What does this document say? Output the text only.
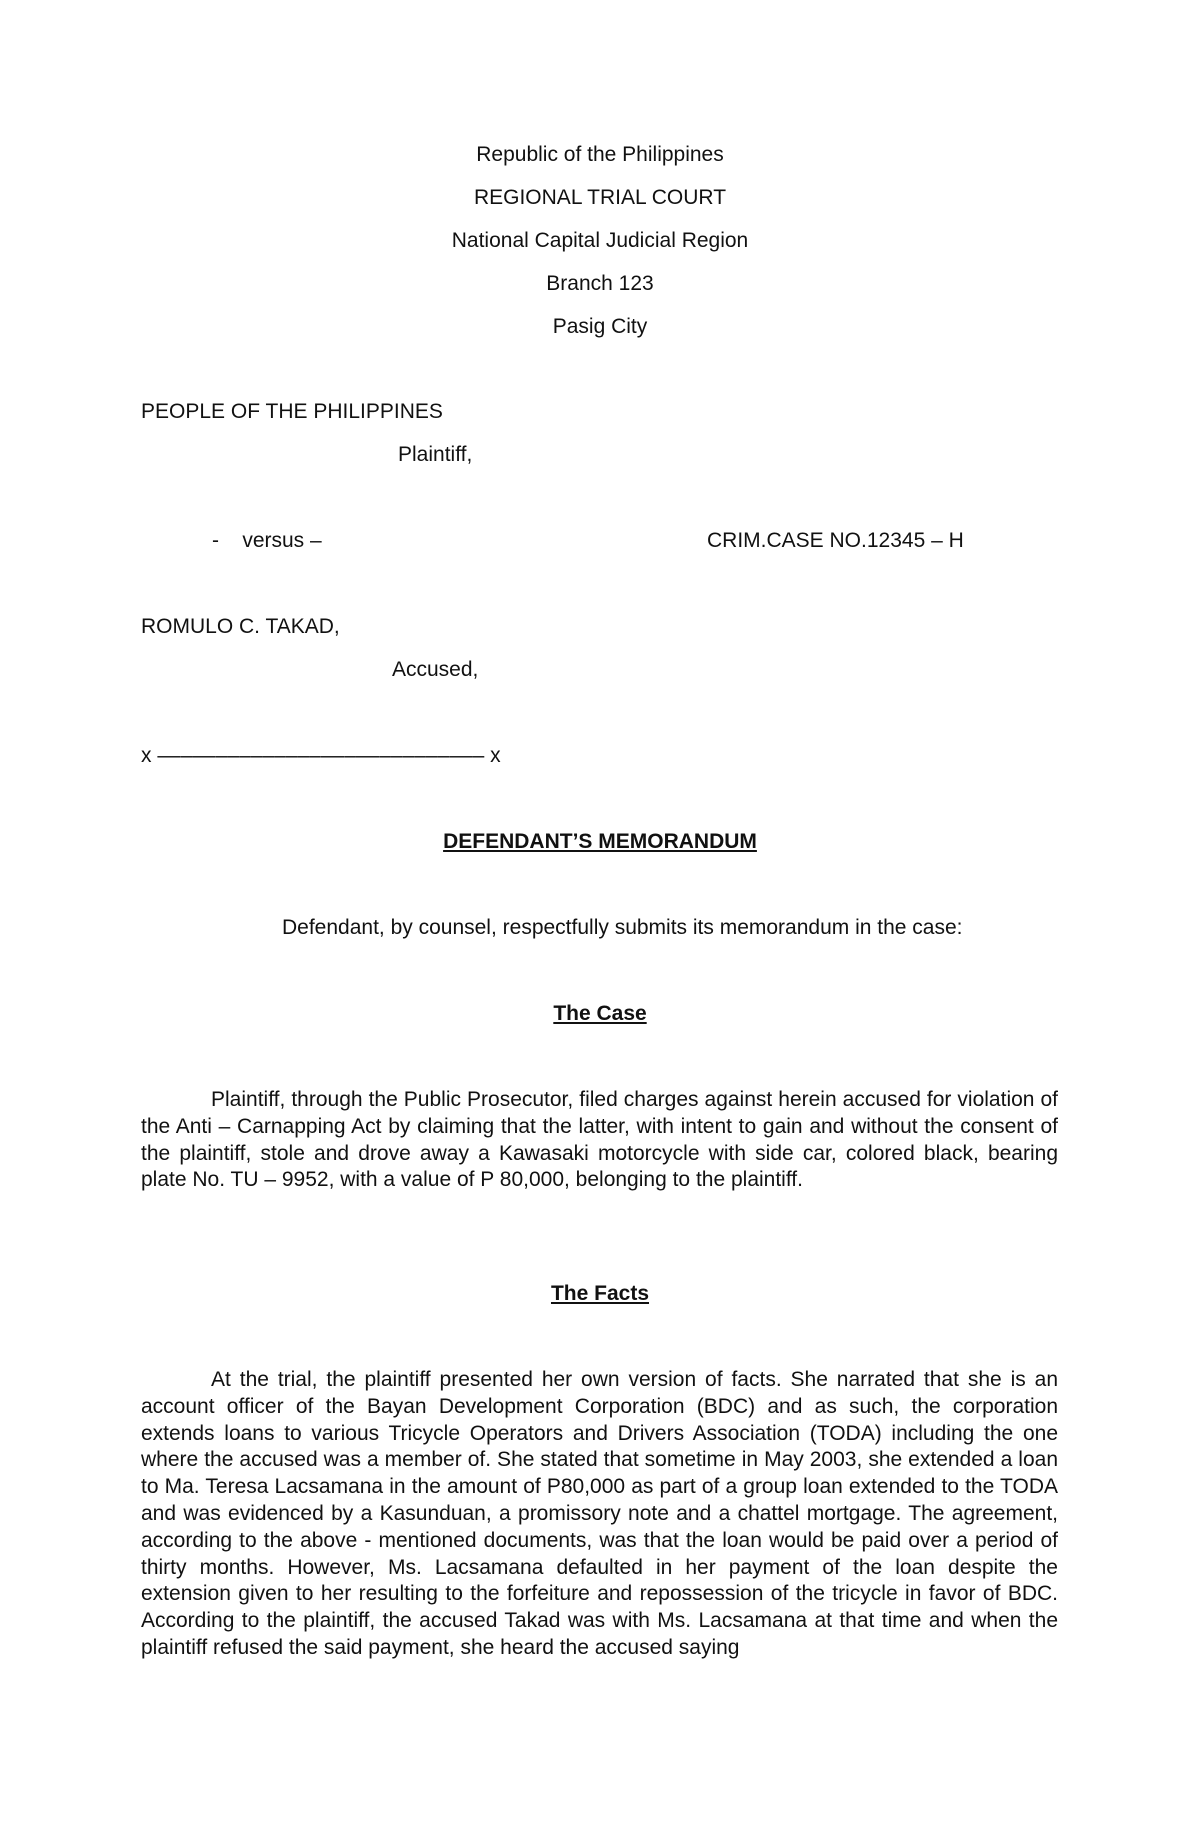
Republic of the Philippines
REGIONAL TRIAL COURT
National Capital Judicial Region
Branch 123
Pasig City
PEOPLE OF THE PHILIPPINES
Plaintiff,
-    versus –	CRIM.CASE NO.12345 – H
ROMULO C. TAKAD,
Accused,
x –––––––––––––––––––––––––––– x
DEFENDANT’S MEMORANDUM
Defendant, by counsel, respectfully submits its memorandum in the case:
The Case

Plaintiff, through the Public Prosecutor, filed charges against herein accused for violation of the Anti – Carnapping Act by claiming that the latter, with intent to gain and without the consent of the plaintiff, stole and drove away a Kawasaki motorcycle with side car, colored black, bearing plate No. TU – 9952, with a value of P 80,000, belonging to the plaintiff.

The Facts

At the trial, the plaintiff presented her own version of facts. She narrated that she is an account officer of the Bayan Development Corporation (BDC) and as such, the corporation extends loans to various Tricycle Operators and Drivers Association (TODA) including the one where the accused was a member of. She stated that sometime in May 2003, she extended a loan to Ma. Teresa Lacsamana in the amount of P80,000 as part of a group loan extended to the TODA and was evidenced by a Kasunduan, a promissory note and a chattel mortgage. The agreement, according to the above - mentioned documents, was that the loan would be paid over a period of thirty months. However, Ms. Lacsamana defaulted in her payment of the loan despite the extension given to her resulting to the forfeiture and repossession of the tricycle in favor of BDC. According to the plaintiff, the accused Takad was with Ms. Lacsamana at that time and when the plaintiff refused the said payment, she heard the accused saying
